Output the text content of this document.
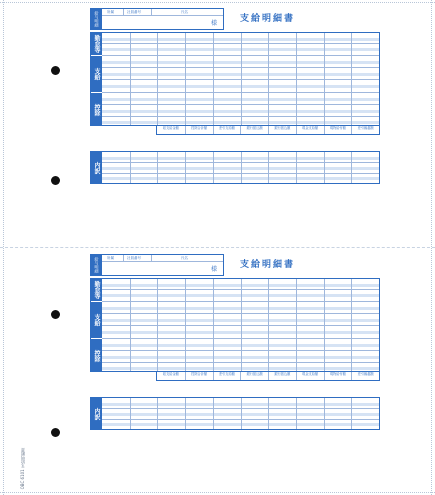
OBC 6101 支給明細書
給与明細	所属	社員番号	氏名
様	支給明細書
勤怠等
支給
控除
総支給金額	控除合計額	差引支給額	銀行振込額	銀行振込額	現金支給額	現物給付額	差引繰越額
内訳
給与明細	所属	社員番号	氏名
様	支給明細書
勤怠等
支給
控除
総支給金額	控除合計額	差引支給額	銀行振込額	銀行振込額	現金支給額	現物給付額	差引繰越額
内訳
